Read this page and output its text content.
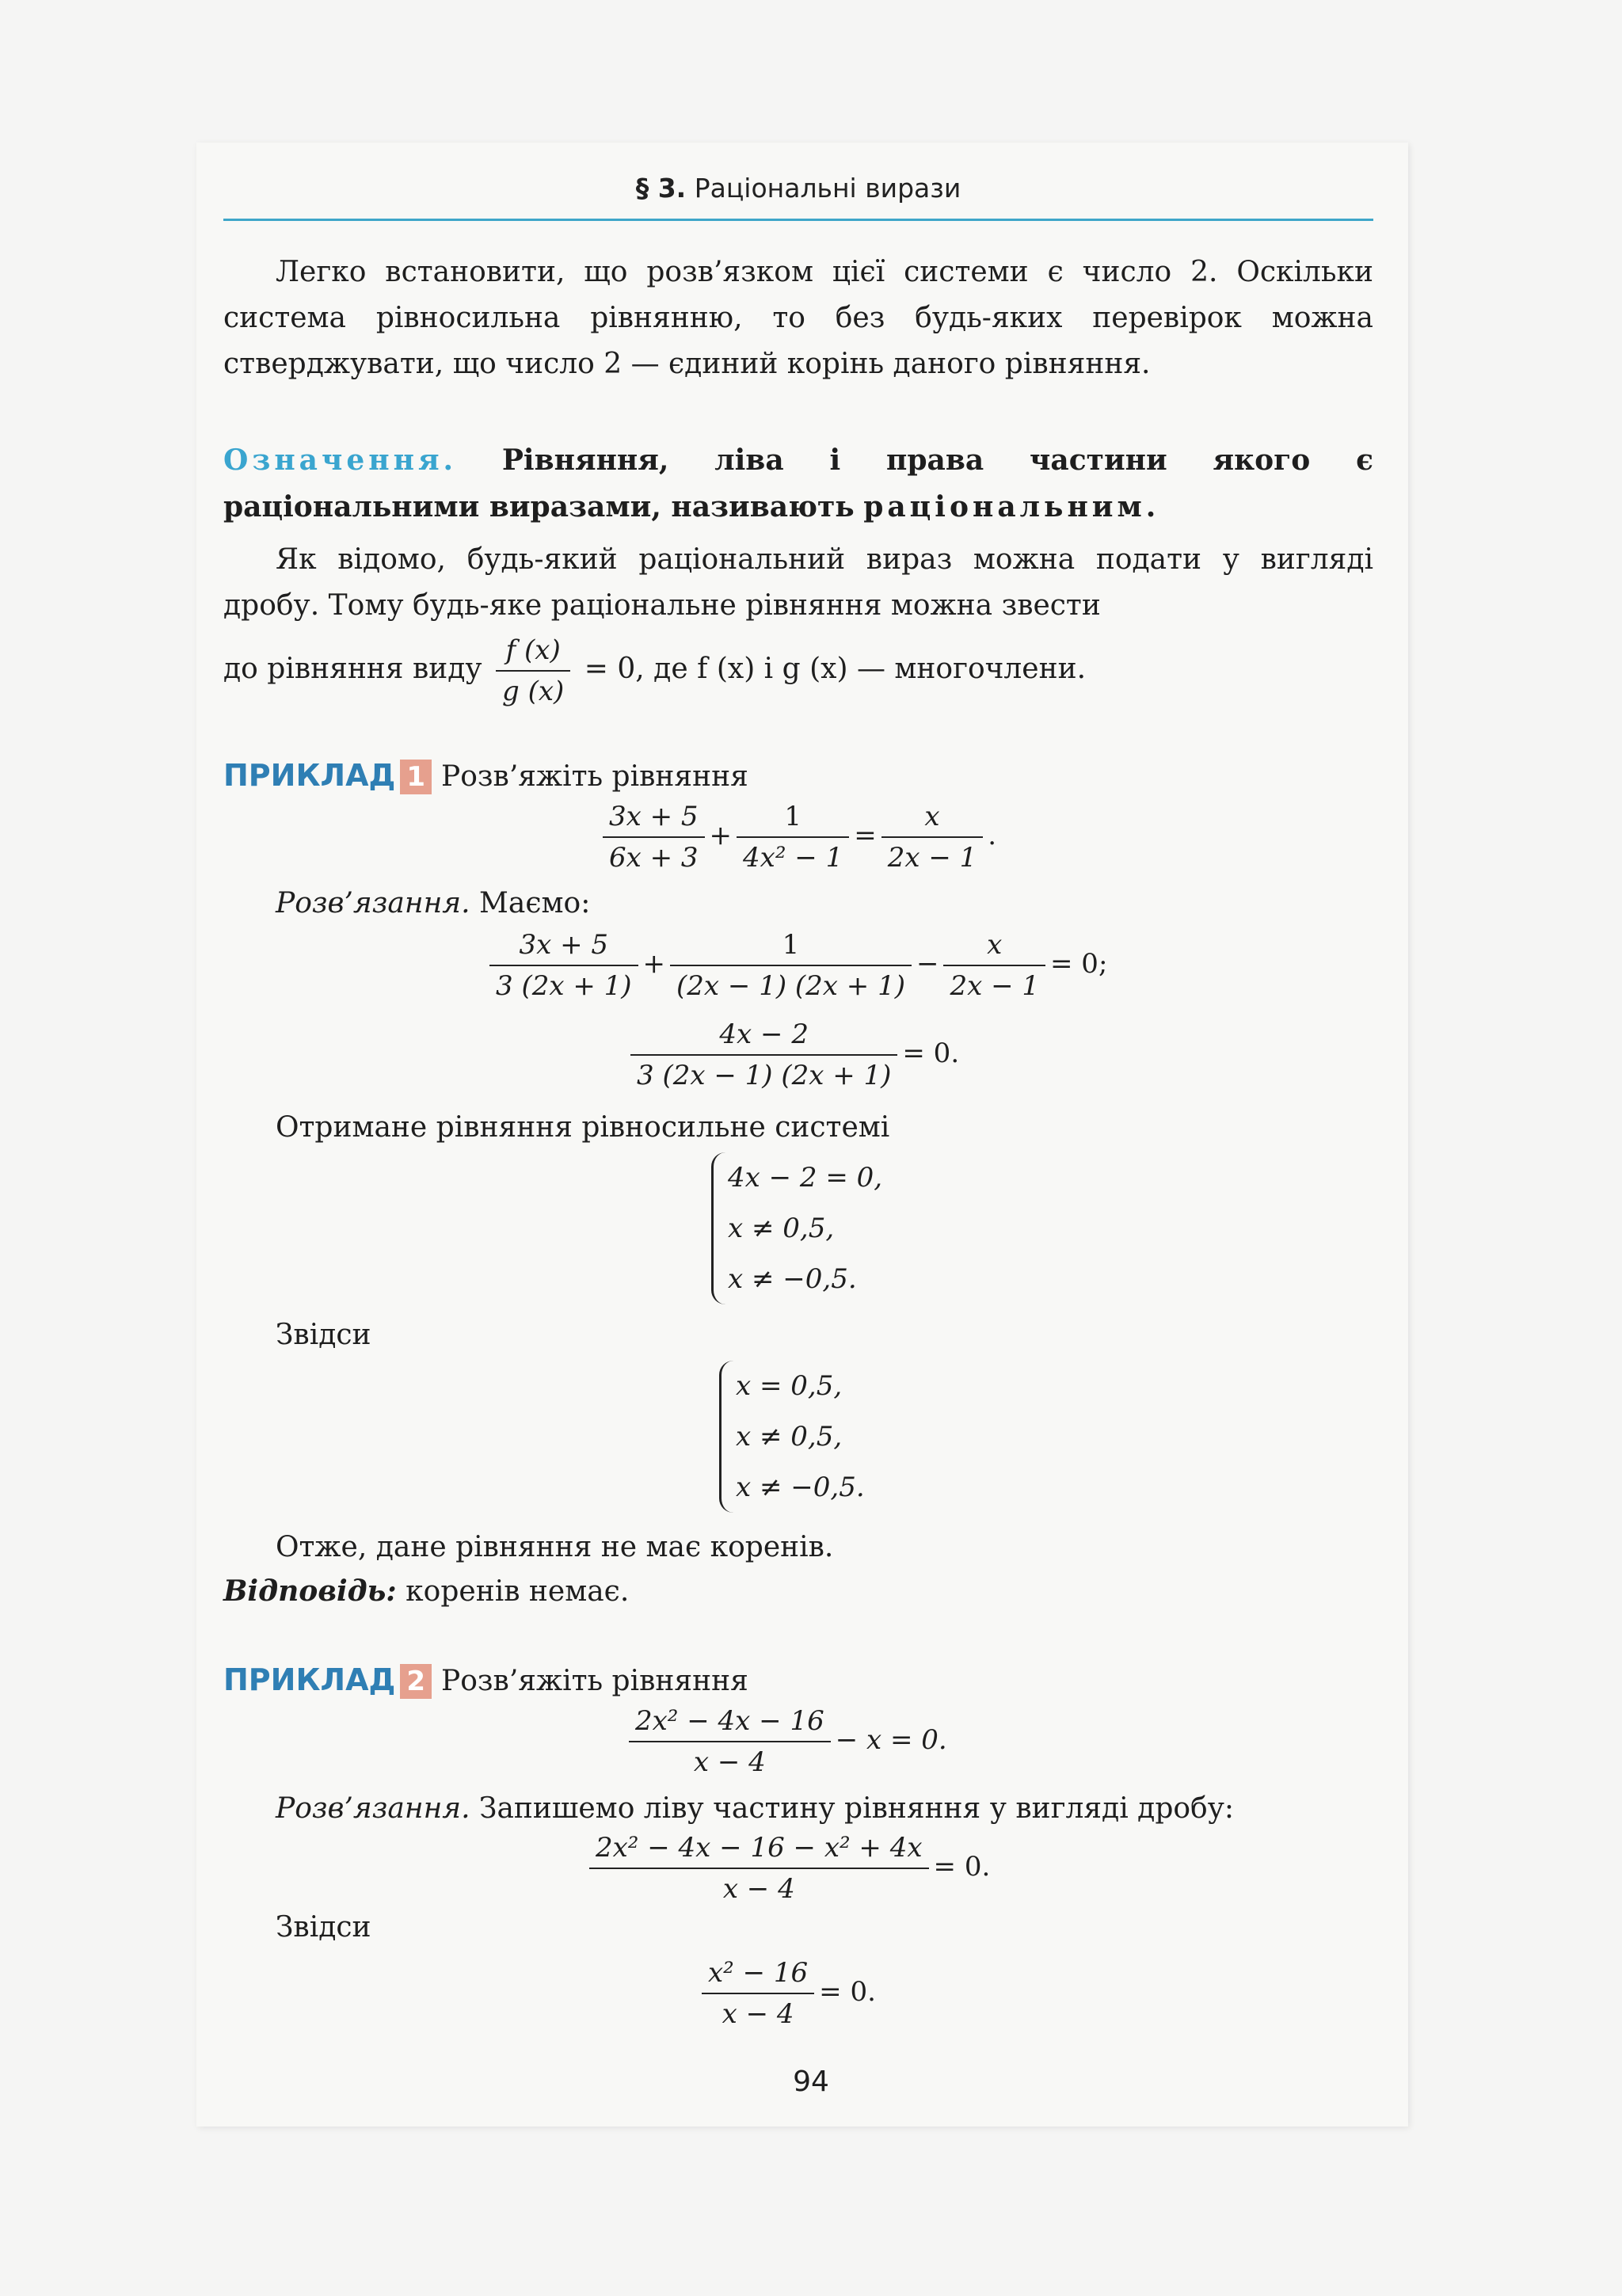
§ 3. Раціональні вирази
Легко встановити, що розв’язком цієї системи є число 2. Оскільки система рівносильна рівнянню, то без будь-яких перевірок можна стверджувати, що число 2 — єдиний корінь даного рівняння.
Означення. Рівняння, ліва і права частини якого є раціональними виразами, називають раціональним.
Як відомо, будь-який раціональний вираз можна подати у вигляді дробу. Тому будь-яке раціональне рівняння можна звести
до рівняння виду $\frac{f (x)}{g (x)} = 0$, де f (x) і g (x) — многочлени.
ПРИКЛАД 1 Розв’яжіть рівняння
$\frac{3x + 5}{6x + 3} + \frac{1}{\text{4x² − 1}} = \frac{x}{2x - 1}$ .
Розв’язання. Маємо:
$\frac{3x + 5}{3 (2x + 1)} + \frac{1}{(2x - 1) (2x + 1)} - \frac{x}{2x - 1} = 0$;
$\frac{4x - 2}{3 (2x - 1) (2x + 1)} = 0$.
Отримане рівняння рівносильне системі
4x − 2 = 0,
x ≠ 0,5,
x ≠ −0,5.
Звідси
x = 0,5,
x ≠ 0,5,
x ≠ −0,5.
Отже, дане рівняння не має коренів.
Відповідь: коренів немає.
ПРИКЛАД 2 Розв’яжіть рівняння
$\frac{\text{2x² − 4x − 16}}{x - 4} - x = 0$.
Розв’язання. Запишемо ліву частину рівняння у вигляді дробу:
$\frac{\text{2x² − 4x − 16 − x² + 4x}}{x - 4} = 0$.
Звідси
$\frac{\text{x² − 16}}{x - 4} = 0$.
94
